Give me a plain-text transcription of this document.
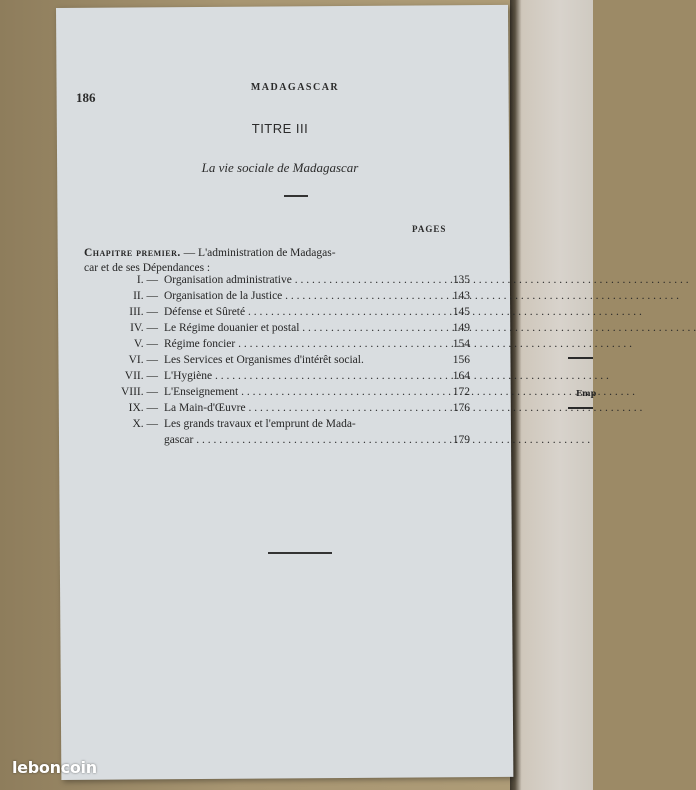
Emp
186
MADAGASCAR
TITRE III
La vie sociale de Madagascar
PAGES
Chapitre premier. — L'administration de Madagas-
car et de ses Dépendances :
I. — Organisation administrative . . .	135
II. — Organisation de la Justice . . .	143
III. — Défense et Sûreté . . .	145
IV. — Le Régime douanier et postal . . .	149
V. — Régime foncier . . .	154
VI. — Les Services et Organismes d'intérêt social.	156
VII. — L'Hygiène . . .	164
VIII. — L'Enseignement . . .	172
IX. — La Main-d'Œuvre . . .	176
X. — Les grands travaux et l'emprunt de Mada-
gascar . . .	179
leboncoin
